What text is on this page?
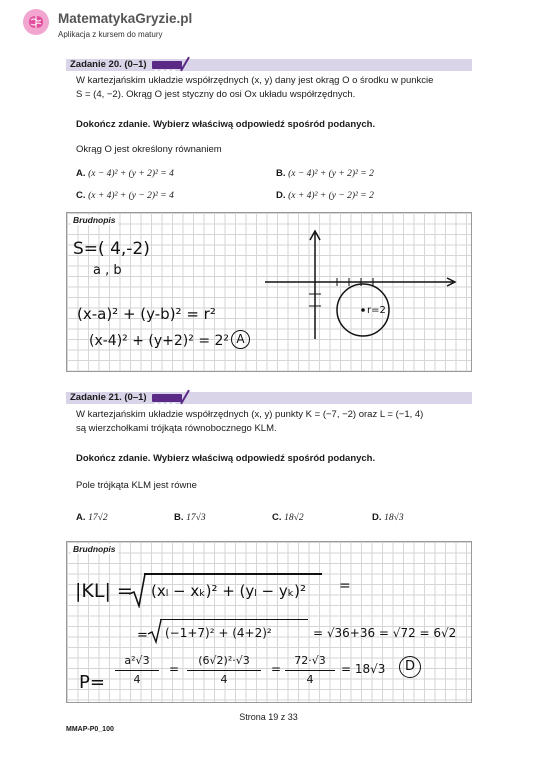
MatematykaGryzie.pl
Aplikacja z kursem do matury
Zadanie 20. (0–1)
W kartezjańskim układzie współrzędnych (x, y) dany jest okrąg O o środku w punkcie
S = (4, −2). Okrąg O jest styczny do osi Ox układu współrzędnych.
Dokończ zdanie. Wybierz właściwą odpowiedź spośród podanych.
Okrąg O jest określony równaniem
A. (x − 4)² + (y + 2)² = 4	B. (x − 4)² + (y + 2)² = 2
C. (x + 4)² + (y − 2)² = 4	D. (x + 4)² + (y − 2)² = 2
Brudnopis
S=( 4,-2)
a , b
(x-a)² + (y-b)² = r²
(x-4)² + (y+2)² = 2² A
r=2
Zadanie 21. (0–1)
W kartezjańskim układzie współrzędnych (x, y) punkty K = (−7, −2) oraz L = (−1, 4)
są wierzchołkami trójkąta równobocznego KLM.
Dokończ zdanie. Wybierz właściwą odpowiedź spośród podanych.
Pole trójkąta KLM jest równe
A. 17√2	B. 17√3	C. 18√2	D. 18√3
Brudnopis
|KL| = (xₗ − xₖ)² + (yₗ − yₖ)² =
= (−1+7)² + (4+2)²	= √36+36 = √72 = 6√2
P=
a²√3
4
=
(6√2)²·√3
4
=
72·√3
4
= 18√3	D
Strona 19 z 33
MMAP-P0_100
